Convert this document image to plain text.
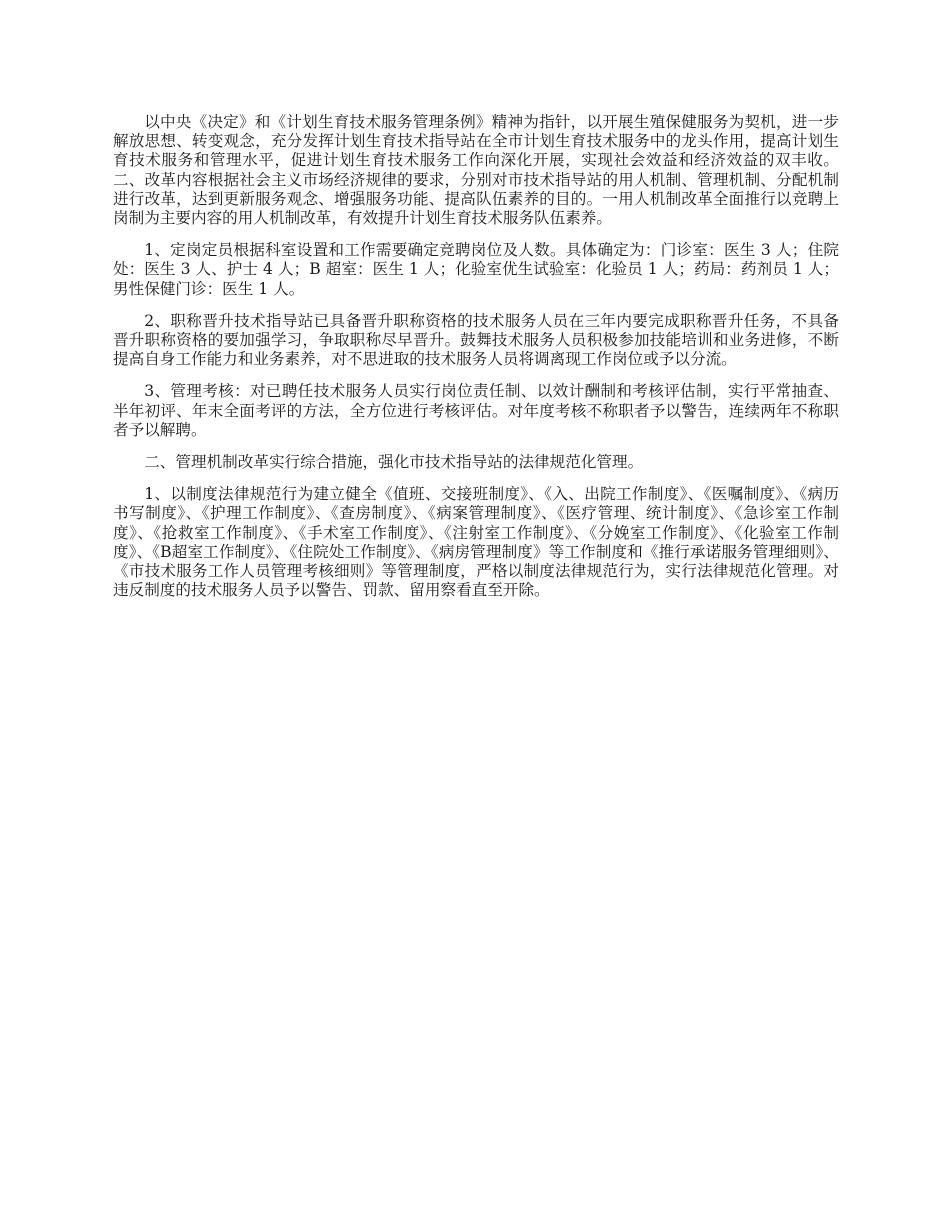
以中央《决定》和《计划生育技术服务管理条例》精神为指针，以开展生殖保健服务为契机，进一步解放思想、转变观念，充分发挥计划生育技术指导站在全市计划生育技术服务中的龙头作用，提高计划生育技术服务和管理水平，促进计划生育技术服务工作向深化开展，实现社会效益和经济效益的双丰收。二、改革内容根据社会主义市场经济规律的要求，分别对市技术指导站的用人机制、管理机制、分配机制进行改革，达到更新服务观念、增强服务功能、提高队伍素养的目的。一用人机制改革全面推行以竞聘上岗制为主要内容的用人机制改革，有效提升计划生育技术服务队伍素养。

1、定岗定员根据科室设置和工作需要确定竞聘岗位及人数。具体确定为：门诊室：医生 3 人；住院处：医生 3 人、护士 4 人；B 超室：医生 1 人；化验室优生试验室：化验员 1 人；药局：药剂员 1 人；男性保健门诊：医生 1 人。

2、职称晋升技术指导站已具备晋升职称资格的技术服务人员在三年内要完成职称晋升任务，不具备晋升职称资格的要加强学习，争取职称尽早晋升。鼓舞技术服务人员积极参加技能培训和业务进修，不断提高自身工作能力和业务素养，对不思进取的技术服务人员将调离现工作岗位或予以分流。

3、管理考核：对已聘任技术服务人员实行岗位责任制、以效计酬制和考核评估制，实行平常抽查、半年初评、年末全面考评的方法，全方位进行考核评估。对年度考核不称职者予以警告，连续两年不称职者予以解聘。

二、管理机制改革实行综合措施，强化市技术指导站的法律规范化管理。

1、以制度法律规范行为建立健全《值班、交接班制度》、《入、出院工作制度》、《医嘱制度》、《病历书写制度》、《护理工作制度》、《查房制度》、《病案管理制度》、《医疗管理、统计制度》、《急诊室工作制度》、《抢救室工作制度》、《手术室工作制度》、《注射室工作制度》、《分娩室工作制度》、《化验室工作制度》、《B超室工作制度》、《住院处工作制度》、《病房管理制度》等工作制度和《推行承诺服务管理细则》、《市技术服务工作人员管理考核细则》等管理制度，严格以制度法律规范行为，实行法律规范化管理。对违反制度的技术服务人员予以警告、罚款、留用察看直至开除。
